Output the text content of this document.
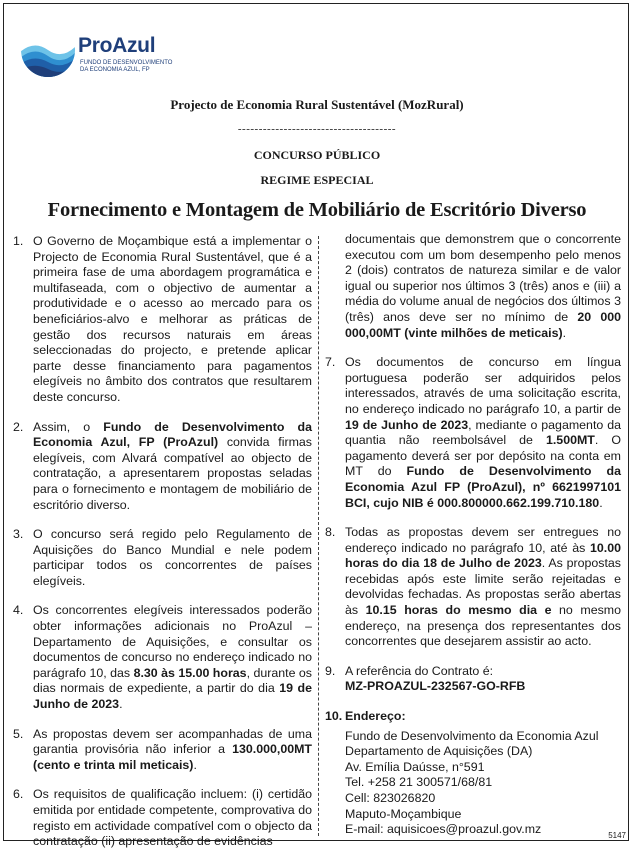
ProAzul
FUNDO DE DESENVOLVIMENTO
DA ECONOMIA AZUL, FP
Projecto de Economia Rural Sustentável (MozRural)
--------------------------------------
CONCURSO PÚBLICO
REGIME ESPECIAL
Fornecimento e Montagem de Mobiliário de Escritório Diverso
1. O Governo de Moçambique está a implementar o Projecto de Economia Rural Sustentável, que é a primeira fase de uma abordagem programática e multifaseada, com o objectivo de aumentar a produtividade e o acesso ao mercado para os beneficiários-alvo e melhorar as práticas de gestão dos recursos naturais em áreas seleccionadas do projecto, e pretende aplicar parte desse financiamento para pagamentos elegíveis no âmbito dos contratos que resultarem deste concurso.
2. Assim, o Fundo de Desenvolvimento da Economia Azul, FP (ProAzul) convida firmas elegíveis, com Alvará compatível ao objecto de contratação, a apresentarem propostas seladas para o fornecimento e montagem de mobiliário de escritório diverso.
3. O concurso será regido pelo Regulamento de Aquisições do Banco Mundial e nele podem participar todos os concorrentes de países elegíveis.
4. Os concorrentes elegíveis interessados poderão obter informações adicionais no ProAzul – Departamento de Aquisições, e consultar os documentos de concurso no endereço indicado no parágrafo 10, das 8.30 às 15.00 horas, durante os dias normais de expediente, a partir do dia 19 de Junho de 2023.
5. As propostas devem ser acompanhadas de uma garantia provisória não inferior a 130.000,00MT (cento e trinta mil meticais).
6. Os requisitos de qualificação incluem: (i) certidão emitida por entidade competente, comprovativa do registo em actividade compatível com o objecto da contratação (ii) apresentação de evidências
documentais que demonstrem que o concorrente executou com um bom desempenho pelo menos 2 (dois) contratos de natureza similar e de valor igual ou superior nos últimos 3 (três) anos e (iii) a média do volume anual de negócios dos últimos 3 (três) anos deve ser no mínimo de 20 000 000,00MT (vinte milhões de meticais).
7. Os documentos de concurso em língua portuguesa poderão ser adquiridos pelos interessados, através de uma solicitação escrita, no endereço indicado no parágrafo 10, a partir de 19 de Junho de 2023, mediante o pagamento da quantia não reembolsável de 1.500MT. O pagamento deverá ser por depósito na conta em MT do Fundo de Desenvolvimento da Economia Azul FP (ProAzul), nº 6621997101 BCI, cujo NIB é 000.800000.662.199.710.180.
8. Todas as propostas devem ser entregues no endereço indicado no parágrafo 10, até às 10.00 horas do dia 18 de Julho de 2023. As propostas recebidas após este limite serão rejeitadas e devolvidas fechadas. As propostas serão abertas às 10.15 horas do mesmo dia e no mesmo endereço, na presença dos representantes dos concorrentes que desejarem assistir ao acto.
9. A referência do Contrato é:
MZ-PROAZUL-232567-GO-RFB
10. Endereço:
Fundo de Desenvolvimento da Economia Azul
Departamento de Aquisições (DA)
Av. Emília Daússe, n°591
Tel. +258 21 300571/68/81
Cell: 823026820
Maputo-Moçambique
E-mail: aquisicoes@proazul.gov.mz	5147
